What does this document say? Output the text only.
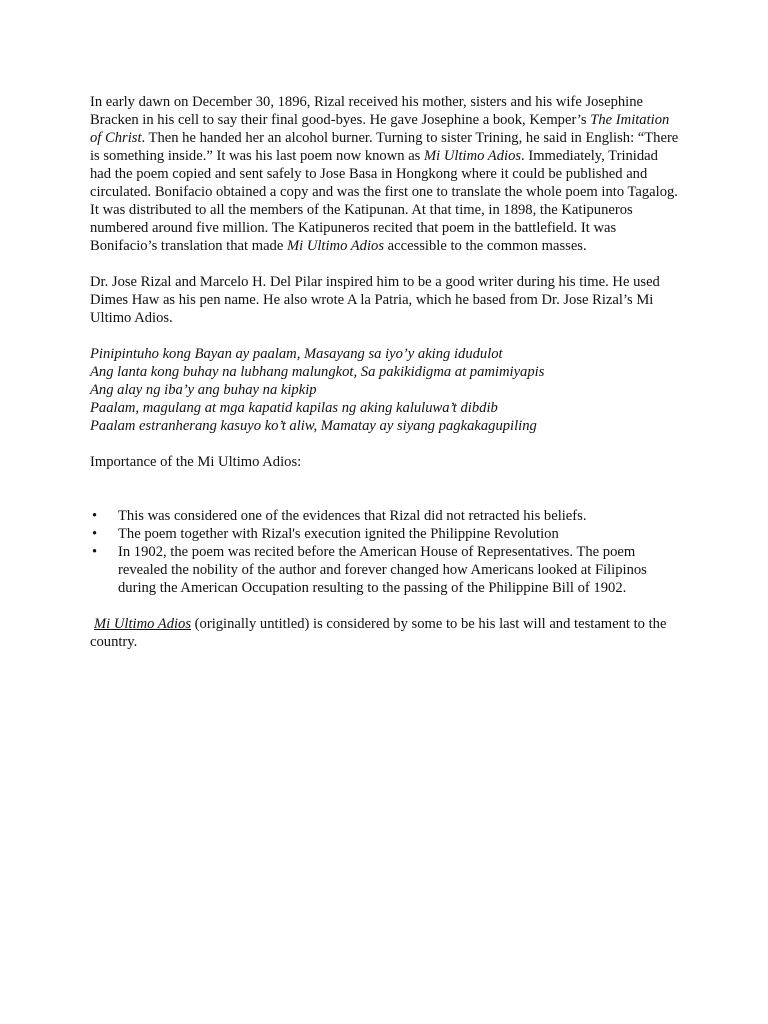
In early dawn on December 30, 1896, Rizal received his mother, sisters and his wife Josephine Bracken in his cell to say their final good-byes. He gave Josephine a book, Kemper’s The Imitation of Christ. Then he handed her an alcohol burner. Turning to sister Trining, he said in English: “There is something inside.” It was his last poem now known as Mi Ultimo Adios. Immediately, Trinidad had the poem copied and sent safely to Jose Basa in Hongkong where it could be published and circulated. Bonifacio obtained a copy and was the first one to translate the whole poem into Tagalog. It was distributed to all the members of the Katipunan. At that time, in 1898, the Katipuneros numbered around five million. The Katipuneros recited that poem in the battlefield. It was Bonifacio’s translation that made Mi Ultimo Adios accessible to the common masses.

Dr. Jose Rizal and Marcelo H. Del Pilar inspired him to be a good writer during his time. He used Dimes Haw as his pen name. He also wrote A la Patria, which he based from Dr. Jose Rizal’s Mi Ultimo Adios.

Pinipintuho kong Bayan ay paalam, Masayang sa iyo’y aking idudulot
Ang lanta kong buhay na lubhang malungkot, Sa pakikidigma at pamimiyapis
Ang alay ng iba’y ang buhay na kipkip
Paalam, magulang at mga kapatid kapilas ng aking kaluluwa’t dibdib
Paalam estranherang kasuyo ko’t aliw, Mamatay ay siyang pagkakagupiling

Importance of the Mi Ultimo Adios:

• This was considered one of the evidences that Rizal did not retracted his beliefs.
• The poem together with Rizal's execution ignited the Philippine Revolution
• In 1902, the poem was recited before the American House of Representatives. The poem revealed the nobility of the author and forever changed how Americans looked at Filipinos during the American Occupation resulting to the passing of the Philippine Bill of 1902.

Mi Ultimo Adios (originally untitled) is considered by some to be his last will and testament to the country.
